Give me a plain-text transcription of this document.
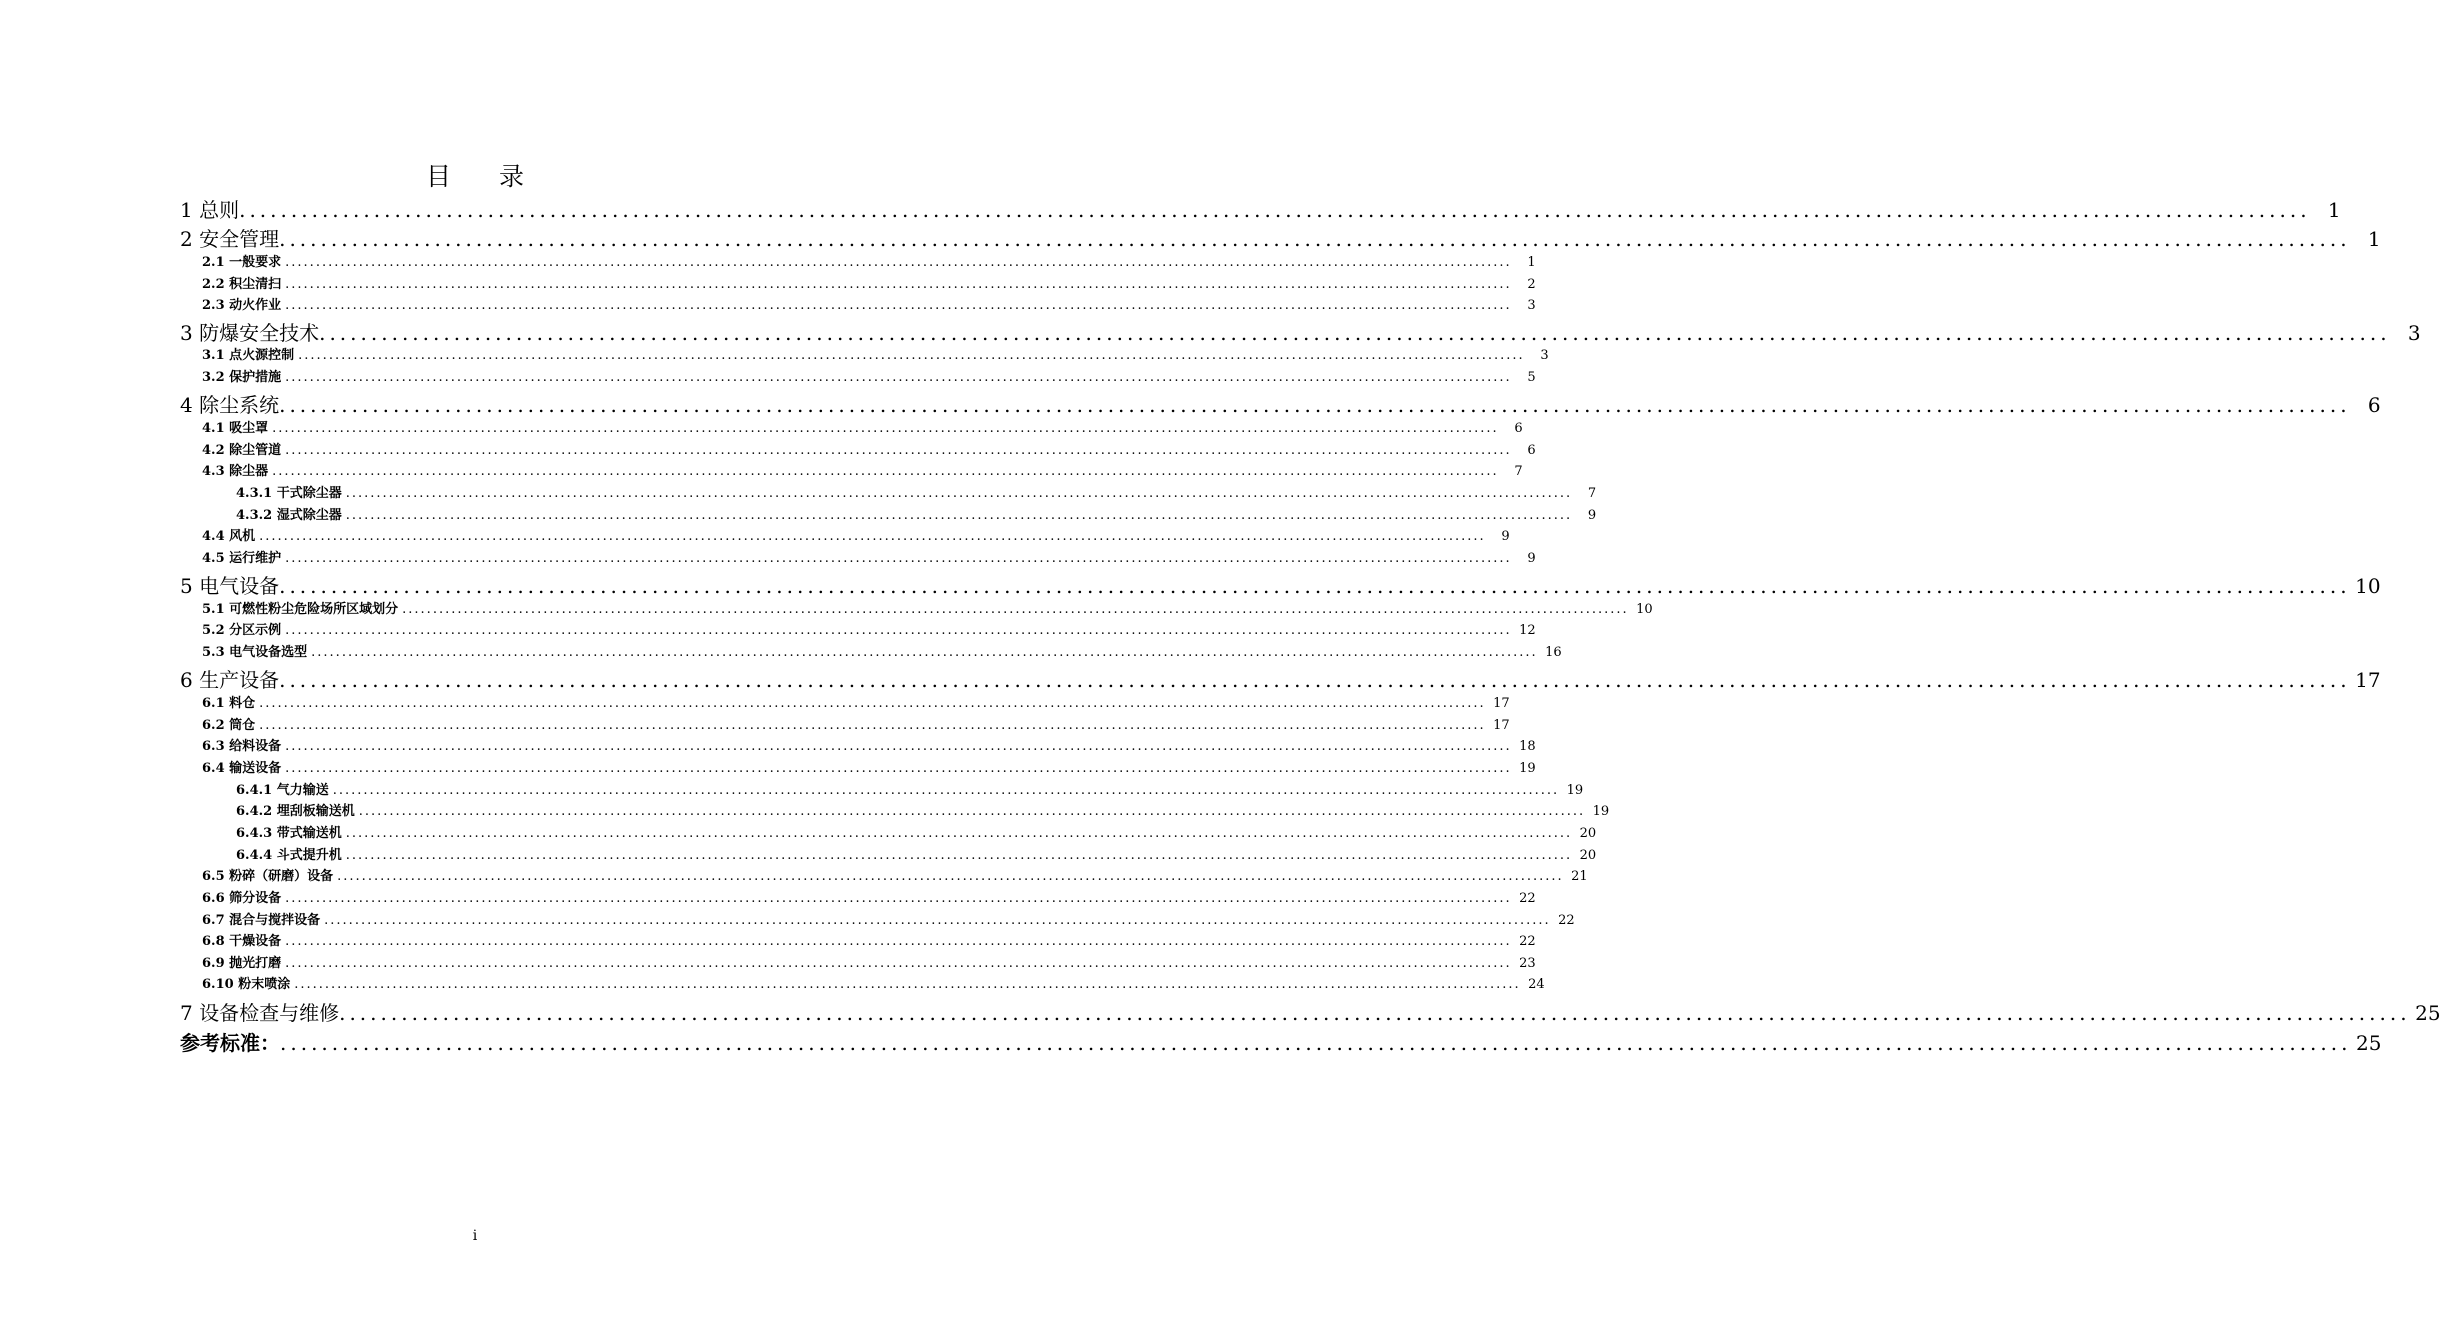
目 录
1 总则 ........................................................................................................................................................................................................ 1
2 安全管理 ........................................................................................................................................................................................................ 1
2.1 一般要求 ........................................................................................................................................................................................................	1
2.2 积尘清扫 ........................................................................................................................................................................................................	2
2.3 动火作业 ........................................................................................................................................................................................................	3
3 防爆安全技术 ........................................................................................................................................................................................................ 3
3.1 点火源控制 ........................................................................................................................................................................................................	3
3.2 保护措施 ........................................................................................................................................................................................................	5
4 除尘系统 ........................................................................................................................................................................................................ 6
4.1 吸尘罩 ........................................................................................................................................................................................................	6
4.2 除尘管道 ........................................................................................................................................................................................................	6
4.3 除尘器 ........................................................................................................................................................................................................	7
4.3.1 干式除尘器 ........................................................................................................................................................................................................	7
4.3.2 湿式除尘器 ........................................................................................................................................................................................................	9
4.4 风机 ........................................................................................................................................................................................................	9
4.5 运行维护 ........................................................................................................................................................................................................	9
5 电气设备 ........................................................................................................................................................................................................ 10
5.1 可燃性粉尘危险场所区域划分 ........................................................................................................................................................................................................ 10
5.2 分区示例 ........................................................................................................................................................................................................ 12
5.3 电气设备选型 ........................................................................................................................................................................................................ 16
6 生产设备 ........................................................................................................................................................................................................ 17
6.1 料仓 ........................................................................................................................................................................................................ 17
6.2 筒仓 ........................................................................................................................................................................................................ 17
6.3 给料设备 ........................................................................................................................................................................................................ 18
6.4 输送设备 ........................................................................................................................................................................................................ 19
6.4.1 气力输送 ........................................................................................................................................................................................................ 19
6.4.2 埋刮板输送机 ........................................................................................................................................................................................................ 19
6.4.3 带式输送机 ........................................................................................................................................................................................................ 20
6.4.4 斗式提升机 ........................................................................................................................................................................................................ 20
6.5 粉碎（研磨）设备 ........................................................................................................................................................................................................ 21
6.6 筛分设备 ........................................................................................................................................................................................................ 22
6.7 混合与搅拌设备 ........................................................................................................................................................................................................ 22
6.8 干燥设备 ........................................................................................................................................................................................................ 22
6.9 抛光打磨 ........................................................................................................................................................................................................ 23
6.10 粉末喷涂 ........................................................................................................................................................................................................ 24
7 设备检查与维修 ........................................................................................................................................................................................................ 25
参考标准： ........................................................................................................................................................................................................ 25
i
